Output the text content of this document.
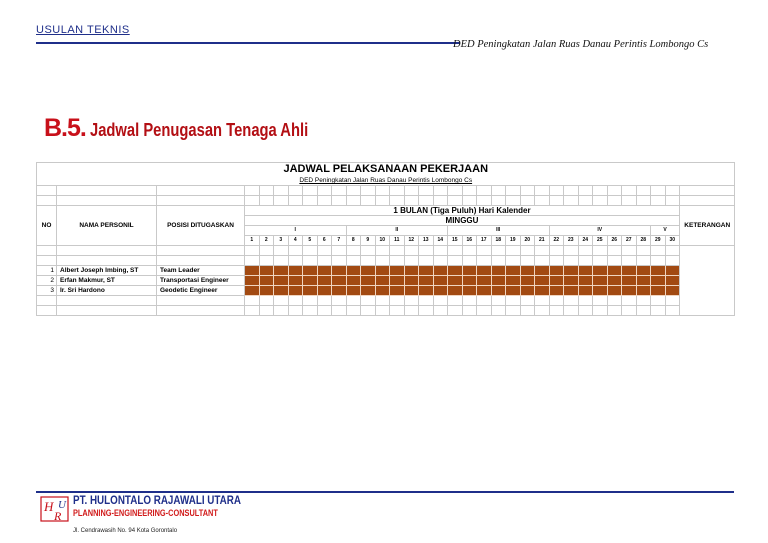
USULAN TEKNIS
DED Peningkatan Jalan Ruas Danau Perintis Lombongo Cs
B.5. Jadwal Penugasan Tenaga Ahli
JADWAL PELAKSANAAN PEKERJAAN																																	
DED Peningkatan Jalan Ruas Danau Perintis Lombongo Cs																																	

NO	NAMA PERSONIL	POSISI DITUGASKAN	1 BULAN (Tiga Puluh) Hari Kalender																														KETERANGAN
			MINGGU																														
			I							II							III							IV							V		
			1	2	3	4	5	6	7	8	9	10	11	12	13	14	15	16	17	18	19	20	21	22	23	24	25	26	27	28	29	30	

1	Albert Joseph Imbing, ST	Team Leader																															
2	Erfan Makmur, ST	Transportasi Engineer																															
3	Ir. Sri Hardono	Geodetic Engineer																															

H
R
U PT. HULONTALO RAJAWALI UTARA
PLANNING-ENGINEERING-CONSULTANT
Jl. Cendrawasih No. 94 Kota Gorontalo
